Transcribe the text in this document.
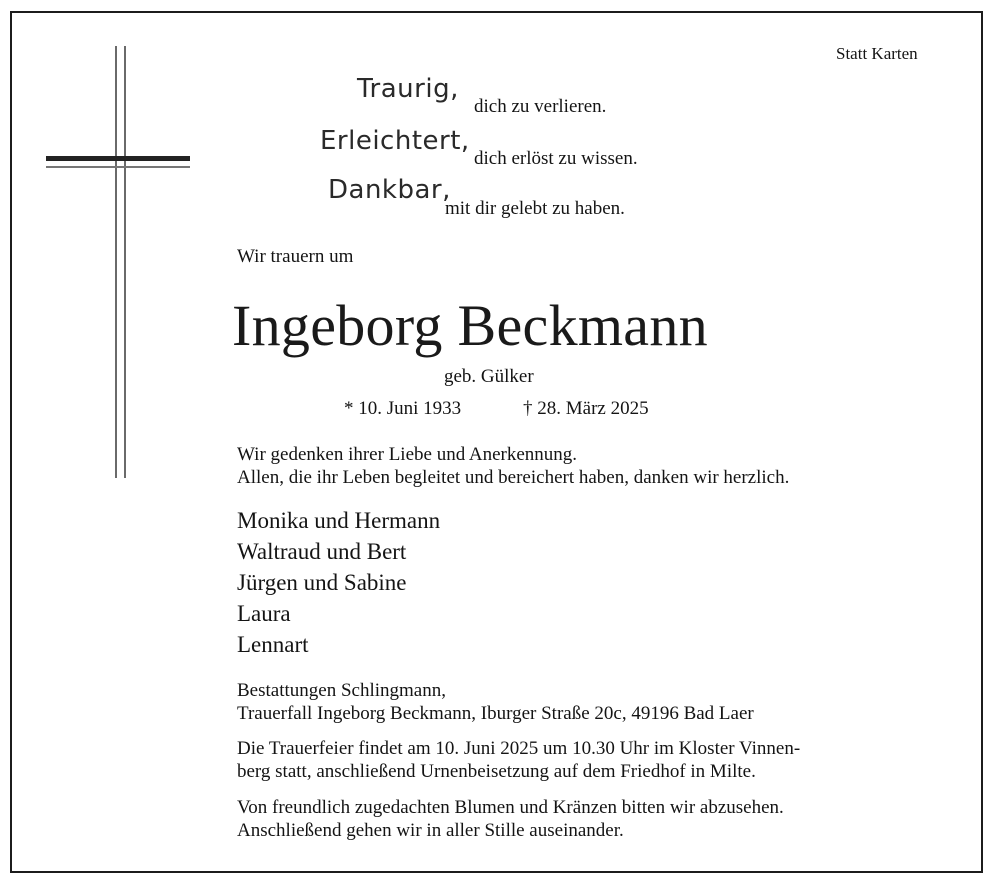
Statt Karten
Traurig,
dich zu verlieren.
Erleichtert,
dich erlöst zu wissen.
Dankbar,
mit dir gelebt zu haben.
Wir trauern um
Ingeborg Beckmann
geb. Gülker
* 10. Juni 1933	† 28. März 2025
Wir gedenken ihrer Liebe und Anerkennung.
Allen, die ihr Leben begleitet und bereichert haben, danken wir herzlich.
Monika und Hermann
Waltraud und Bert
Jürgen und Sabine
Laura
Lennart
Bestattungen Schlingmann,
Trauerfall Ingeborg Beckmann, Iburger Straße 20c, 49196 Bad Laer
Die Trauerfeier findet am 10. Juni 2025 um 10.30 Uhr im Kloster Vinnen-
berg statt, anschließend Urnenbeisetzung auf dem Friedhof in Milte.
Von freundlich zugedachten Blumen und Kränzen bitten wir abzusehen.
Anschließend gehen wir in aller Stille auseinander.
